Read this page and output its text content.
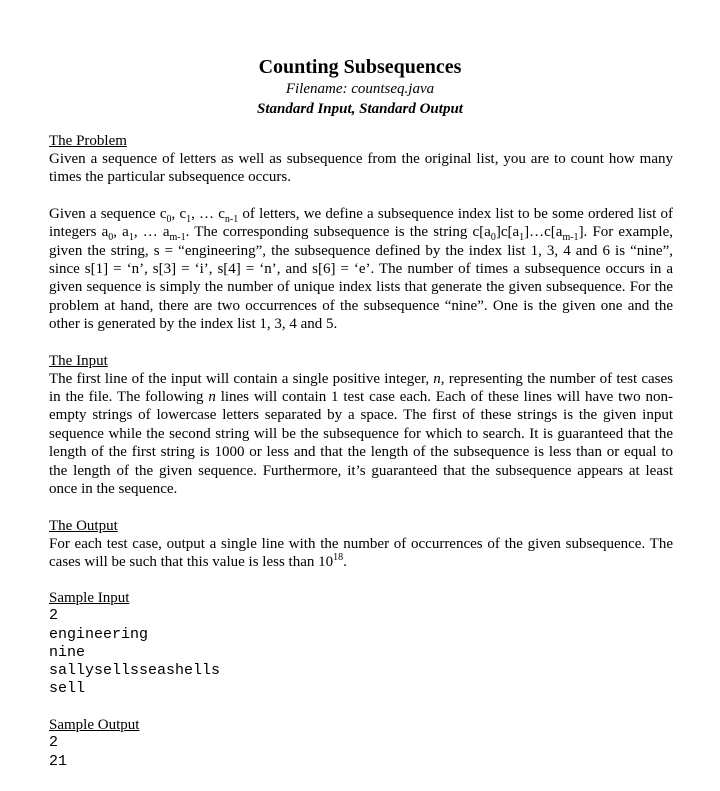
Counting Subsequences
Filename: countseq.java
Standard Input, Standard Output
The Problem

Given a sequence of letters as well as subsequence from the original list, you are to count how many times the particular subsequence occurs.

Given a sequence $c_0$, $c_1$, … $c_{n-1}$ of letters, we define a subsequence index list to be some ordered list of integers $a_0$, $a_1$, … $a_{m-1}$. The corresponding subsequence is the string $c[a_0]c[a_1]\dots c[a_{m-1}]$. For example, given the string, s = “engineering”, the subsequence defined by the index list 1, 3, 4 and 6 is “nine”, since s[1] = ‘n’, s[3] = ‘i’, s[4] = ‘n’, and s[6] = ‘e’. The number of times a subsequence occurs in a given sequence is simply the number of unique index lists that generate the given subsequence. For the problem at hand, there are two occurrences of the subsequence “nine”. One is the given one and the other is generated by the index list 1, 3, 4 and 5.

The Input

The first line of the input will contain a single positive integer, n, representing the number of test cases in the file. The following n lines will contain 1 test case each. Each of these lines will have two non-empty strings of lowercase letters separated by a space. The first of these strings is the given input sequence while the second string will be the subsequence for which to search. It is guaranteed that the length of the first string is 1000 or less and that the length of the subsequence is less than or equal to the length of the given sequence. Furthermore, it’s guaranteed that the subsequence appears at least once in the sequence.

The Output

For each test case, output a single line with the number of occurrences of the given subsequence. The cases will be such that this value is less than $10^{18}$.

Sample Input
2
engineering
nine
sallysellsseashells
sell
Sample Output
2
21
